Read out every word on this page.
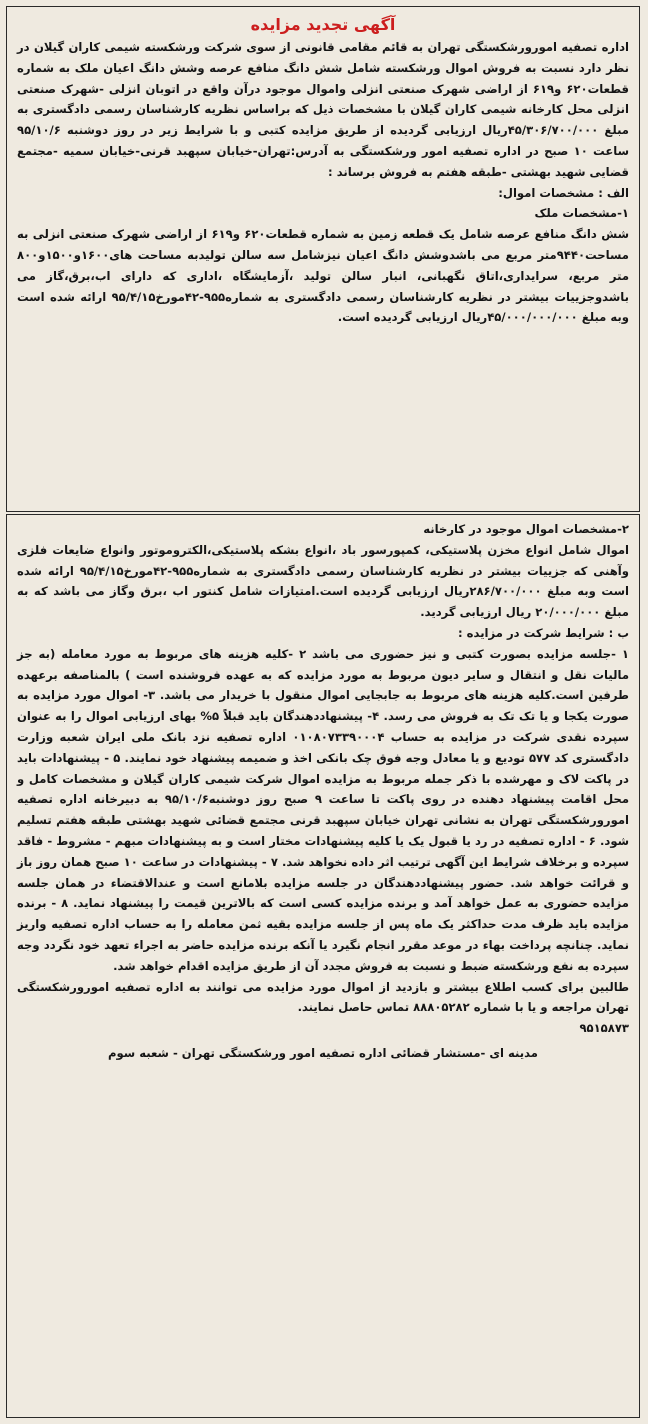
آگهی تجدید مزایده

اداره تصفیه امورورشکستگی تهران به قائم مقامی قانونی از سوی شرکت ورشکسته شیمی کاران گیلان در نظر دارد نسبت به فروش اموال ورشکسته شامل شش دانگ منافع عرصه وشش دانگ اعیان ملک به شماره قطعات۶۲۰ و۶۱۹ از اراضی شهرک صنعتی انزلی واموال موجود درآن واقع در اتوبان انزلی -شهرک صنعتی انزلی محل کارخانه شیمی کاران گیلان با مشخصات ذیل که براساس نظریه کارشناسان رسمی دادگستری به مبلغ ۴۵/۳۰۶/۷۰۰/۰۰۰ریال ارزیابی گردیده از طریق مزایده کتبی و با شرایط زیر در روز دوشنبه ۹۵/۱۰/۶ ساعت ۱۰ صبح در اداره تصفیه امور ورشکستگی به آدرس:تهران-خیابان سپهبد قرنی-خیابان سمیه -مجتمع قضایی شهید بهشتی -طبقه هفتم به فروش برساند :

الف : مشخصات اموال:

۱-مشخصات ملک

شش دانگ منافع عرصه شامل یک قطعه زمین به شماره قطعات۶۲۰ و۶۱۹ از اراضی شهرک صنعتی انزلی به مساحت۹۴۴۰متر مربع می باشدوشش دانگ اعیان نیزشامل سه سالن تولیدبه مساحت های۱۶۰۰و۱۵۰۰و۸۰۰ متر مربع، سرایداری،اتاق نگهبانی، انبار سالن تولید ،آزمایشگاه ،اداری که دارای اب،برق،گاز می باشدوجزییات بیشتر در نظریه کارشناسان رسمی دادگستری به شماره۹۵۵-۴۲مورخ۹۵/۴/۱۵ ارائه شده است وبه مبلغ ۴۵/۰۰۰/۰۰۰/۰۰۰ریال ارزیابی گردیده است.

۲-مشخصات اموال موجود در کارخانه

اموال شامل انواع مخزن پلاستیکی، کمپورسور باد ،انواع بشکه پلاستیکی،الکتروموتور وانواع ضایعات فلزی وآهنی که جزییات بیشتر در نظریه کارشناسان رسمی دادگستری به شماره۹۵۵-۴۲مورخ۹۵/۴/۱۵ ارائه شده است وبه مبلغ ۲۸۶/۷۰۰/۰۰۰ریال ارزیابی گردیده است.امتیازات شامل کنتور اب ،برق وگاز می باشد که به مبلغ ۲۰/۰۰۰/۰۰۰ ریال ارزیابی گردید.

ب : شرایط شرکت در مزایده :

۱ -جلسه مزایده بصورت کتبی و نیز حضوری می باشد ۲ -کلیه هزینه های مربوط به مورد معامله (به جز مالیات نقل و انتقال و سایر دیون مربوط به مورد مزایده که به عهده فروشنده است ) بالمناصفه برعهده طرفین است.کلیه هزینه های مربوط به جابجایی اموال منقول با خریدار می باشد. ۳- اموال مورد مزایده به صورت یکجا و یا تک تک به فروش می رسد. ۴- پیشنهاددهندگان باید قبلاً ۵% بهای ارزیابی اموال را به عنوان سپرده نقدی شرکت در مزایده به حساب ۰۱۰۸۰۷۳۳۹۰۰۰۴ اداره تصفیه نزد بانک ملی ایران شعبه وزارت دادگستری کد ۵۷۷ تودیع و یا معادل وجه فوق چک بانکی اخذ و ضمیمه پیشنهاد خود نمایند. ۵ - پیشنهادات باید در پاکت لاک و مهرشده با ذکر جمله مربوط به مزایده اموال شرکت شیمی کاران گیلان و مشخصات کامل و محل اقامت پیشنهاد دهنده در روی پاکت تا ساعت ۹ صبح روز دوشنبه۹۵/۱۰/۶ به دبیرخانه اداره تصفیه امورورشکستگی تهران به نشانی تهران خیابان سپهبد قرنی مجتمع قضائی شهید بهشتی طبقه هفتم تسلیم شود. ۶ - اداره تصفیه در رد یا قبول یک یا کلیه پیشنهادات مختار است و به پیشنهادات مبهم - مشروط - فاقد سپرده و برخلاف شرایط این آگهی ترتیب اثر داده نخواهد شد. ۷ - پیشنهادات در ساعت ۱۰ صبح همان روز باز و قرائت خواهد شد. حضور پیشنهاددهندگان در جلسه مزایده بلامانع است و عندالاقتضاء در همان جلسه مزایده حضوری به عمل خواهد آمد و برنده مزایده کسی است که بالاترین قیمت را پیشنهاد نماید. ۸ - برنده مزایده باید ظرف مدت حداکثر یک ماه پس از جلسه مزایده بقیه ثمن معامله را به حساب اداره تصفیه واریز نماید. چنانچه پرداخت بهاء در موعد مقرر انجام نگیرد یا آنکه برنده مزایده حاضر به اجراء تعهد خود نگردد وجه سپرده به نفع ورشکسته ضبط و نسبت به فروش مجدد آن از طریق مزایده اقدام خواهد شد.

طالبین برای کسب اطلاع بیشتر و بازدید از اموال مورد مزایده می توانند به اداره تصفیه امورورشکستگی تهران مراجعه و یا با شماره ۸۸۸۰۵۲۸۲ تماس حاصل نمایند.

۹۵۱۵۸۷۳

مدینه ای -مستشار قضائی اداره تصفیه امور ورشکستگی تهران - شعبه سوم
